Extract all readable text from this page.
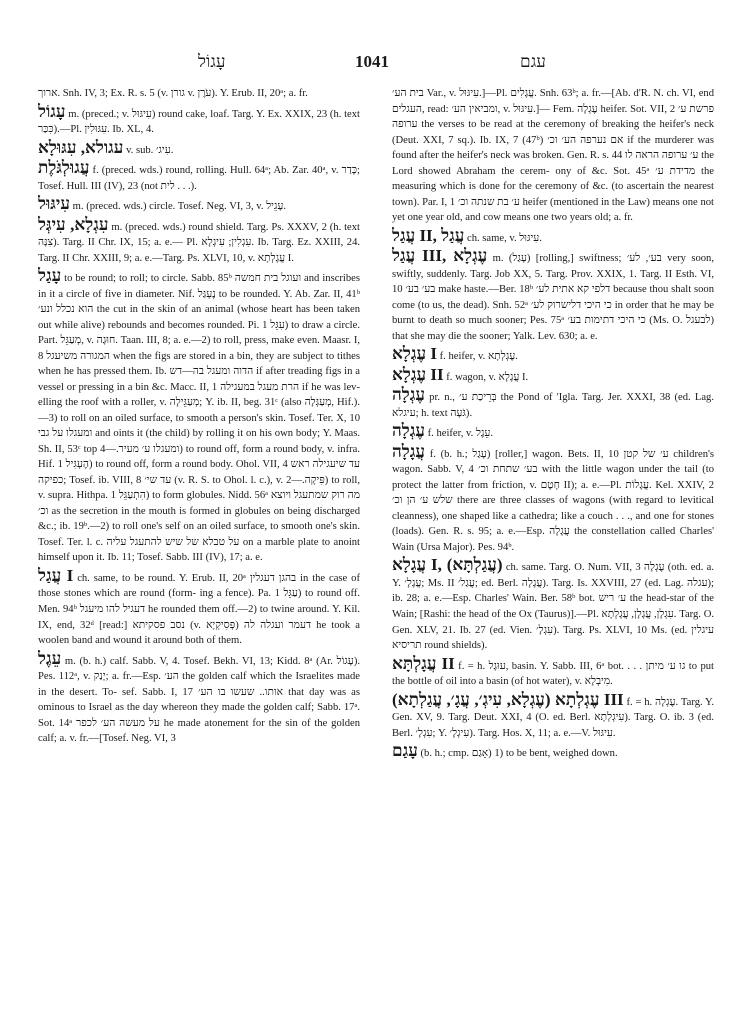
עָגוֹל	1041	עגם
ארוך. Snh. IV, 3; Ex. R. s. 5 (v. גורן v. עֹרֶן). Y. Erub. II, 20ᵃ; a. fr.
עָגוֹל m. (preced.; v. עִיגּוּל) round cake, loaf. Targ. Y. Ex. XXIX, 23 (h. text כִּכַּר).—Pl. עִגּוּלִין. Ib. XL, 4.
עגולא, עִגּוּלָא v. sub. עִיג׳.
עֲגוּלְגֹּלֶת f. (preced. wds.) round, rolling. Hull. 64ᵃ; Ab. Zar. 40ᵃ, v. כָּדַר; Tosef. Hull. III (IV), 23 (not לית . . .).
עִיגּוּל m. (preced. wds.) circle. Tosef. Neg. VI, 3, v. עָגֵיל.
עִגְלָא, עִיגְּל m. (preced. wds.) round shield. Targ. Ps. XXXV, 2 (h. text צִנָּה). Targ. II Chr. IX, 15; a. e.— Pl. עִגְלִין; עִיגְלָא. Ib. Targ. Ez. XXIII, 24. Targ. II Chr. XXIII, 9; a. e.—Targ. Ps. XLVI, 10, v. עֲגָלְתָא I.
עָגַל to be round; to roll; to circle. Sabb. 85ᵇ ועוגל בית חמשה and inscribes in it a circle of five in diameter. Nif. נֶעְגַּל to be rounded. Y. Ab. Zar. II, 41ᵇ הוא נכלל ונע׳ the cut in the skin of an animal (whose heart has been taken out while alive) rebounds and becomes rounded. Pi. עִגֵּל 1) to draw a circle. Part. מְעַגֵּל, v. חוּגָה. Taan. III, 8; a. e.—2) to roll, press, make even. Maasr. I, 8 המגורה משיעגל when the figs are stored in a bin, they are subject to tithes when he has pressed them. Ib. הדוה ומעגל בה—דש if after treading figs in a vessel or pressing in a bin &c. Macc. II, 1 הרת מעגל במעגילה if he was lev- elling the roof with a roller, v. מְעַגֵּילָה; Y. ib. II, beg. 31ᶜ (also מְעַגְּלָה, Hif.).—3) to roll on an oiled surface, to smooth a person's skin. Tosef. Ter. X, 10 ומעגלו על גבי and oints it (the child) by rolling it on his own body; Y. Maas. Sh. II, 53ᶜ top ומעגלו ע׳ מעיר.—4) to round off, form a round body, v. infra. Hif. הֶעְגִּיל 1) to round off, form a round body. Ohol. VII, 4 עד שיעגילה ראש כפיקה; Tosef. ib. VIII, 8 עד שי׳ (v. R. S. to Ohol. l. c.), v. פִּיקָה.—2) to roll, v. supra. Hithpa. הִתְעַגֵּל 1) to form globules. Nidd. 56ᵃ מה רוק שמתעגל ויוצא וכ׳ as the secretion in the mouth is formed in globules on being discharged &c.; ib. 19ᵇ.—2) to roll one's self on an oiled surface, to smooth one's skin. Tosef. Ter. l. c. על טבלא של שיש להתעגל עליה on a marble plate to anoint himself upon it. Ib. 11; Tosef. Sabb. III (IV), 17; a. e.
עֲגַל I ch. same, to be round. Y. Erub. II, 20ᵃ בהגן דעגלין in the case of those stones which are round (form- ing a fence). Pa. עַגֵּל 1) to round off. Men. 94ᵇ דעגיל להו מיעגל he rounded them off.—2) to twine around. Y. Kil. IX, end, 32ᵈ [read:] נסב פסקיתא (v. פְּסִיקְיָא) דעמר ועגלה לה he took a woolen band and wound it around both of them.
עֵגֶל m. (b. h.) calf. Sabb. V, 4. Tosef. Bekh. VI, 13; Kidd. 8ᵃ (Ar. עָגוֹל). Pes. 112ᵃ, v. יָנַק; a. fr.—Esp. הע׳ the golden calf which the Israelites made in the desert. To- sef. Sabb. I, 17 אותו.. שעשו בו הע׳ that day was as ominous to Israel as the day whereon they made the golden calf; Sabb. 17ᵃ. Sot. 14ᵃ על מעשה הע׳ לכפר he made atonement for the sin of the golden calf; a. v. fr.—[Tosef. Neg. VI, 3
בית הע׳ Var., v. עִיגּוּל.]—Pl. עֲגָלִים. Snh. 63ᵇ; a. fr.—[Ab. d'R. N. ch. VI, end העגלים, read: ומביאין הע׳, v. עִיגּוּל.]— Fem. עֶגְלָה heifer. Sot. VII, 2 פרשת ע׳ ערופה the verses to be read at the ceremony of breaking the heifer's neck (Deut. XXI, 7 sq.). Ib. IX, 7 (47ᵇ) אם נערפה הע׳ וכ׳ if the murderer was found after the heifer's neck was broken. Gen. R. s. 44 ע׳ ערופה הראה לו the Lord showed Abraham the cerem- ony of &c. Sot. 45ᵃ מדידת ע׳ the measuring which is done for the ceremony of &c. (to ascertain the nearest town). Par. I, 1 ע׳ בת שנתה וכ׳ heifer (mentioned in the Law) means one not yet one year old, and cow means one two years old; a. fr.
עֲגַל II, עֲגַל ch. same, v. עִיגּוּל.
עֲגַל III, עֶגְלָא m. (עָגַל) [rolling,] swiftness; בע׳, לע׳ very soon, swiftly, suddenly. Targ. Job XX, 5. Targ. Prov. XXIX, 1. Targ. II Esth. VI, 10 בע׳ בע׳ make haste.—Ber. 18ᵇ דלפי קא אתית לע׳ because thou shalt soon come (to us, the dead). Snh. 52ᵃ כי היכי דלישרוק לע׳ in order that he may be burnt to death so much sooner; Pes. 75ᵃ כי היכי דתימות בע׳ (Ms. O. לבעגל) that she may die the sooner; Yalk. Lev. 630; a. e.
עֶגְלָא I f. heifer, v. עֶגְלְתָא.
עֶגְלָא II f. wagon, v. עֲגָלָא I.
עֶגְלָה pr. n., בְּרֵיכַת ע׳ the Pond of 'Igla. Targ. Jer. XXXI, 38 (ed. Lag. עיגלא; h. text גֹּעָה).
עֶגְלָה f. heifer, v. עֵגֶל.
עֲגָלָה f. (b. h.; עָגַל) [roller,] wagon. Bets. II, 10 ע׳ של קטן children's wagon. Sabb. V, 4 בע׳ שתחת וכ׳ with the little wagon under the tail (to protect the latter from friction, v. חָטֶם II); a. e.—Pl. עֲגָלוֹת. Kel. XXIV, 2 שלש ע׳ הן וכ׳ there are three classes of wagons (with regard to levitical cleanness), one shaped like a cathedra; like a couch . . ., and one for stones (loads). Gen. R. s. 95; a. e.—Esp. עֲגָלָה the constellation called Charles' Wain (Ursa Major). Pes. 94ᵇ.
עֲגָלָא I, (עֲגַלְתָּא) ch. same. Targ. O. Num. VII, 3 עֶגְלָה (oth. ed. a. Y. עֲגָלָ׳; Ms. II עֲגַל׳; ed. Berl. עֲגָלָה). Targ. Is. XXVIII, 27 (ed. Lag. עגלה); ib. 28; a. e.—Esp. Charles' Wain. Ber. 58ᵇ bot. ע׳ ריש the head-star of the Wain; [Rashi: the head of the Ox (Taurus)].—Pl. עִגְלָן, עֲגָלָן, עֲגָלְתָא. Targ. O. Gen. XLV, 21. Ib. 27 (ed. Vien. עִגְלָ׳). Targ. Ps. XLVI, 10 Ms. (ed. עיגלין תריסיא round shields).
עֲגָלְתָּא II f. = h. עוּגָל, basin. Y. Sabb. III, 6ᵃ bot. . . . גו ע׳ מיתן to put the bottle of oil into a basin (of hot water), v. מִיבְלָא.
עֶגְלְתָא (עֶגְלָא, עִיגְ׳, עֲגָ׳, עֲגַלְתָא) III f. = h. עֶגְלָה. Targ. Y. Gen. XV, 9. Targ. Deut. XXI, 4 (O. ed. Berl. עִיגְלְתָא). Targ. O. ib. 3 (ed. Berl. עִגְלָ׳; Y. עִיגְלָ׳). Targ. Hos. X, 11; a. e.—V. עִיגּוּל.
עָגַם (b. h.; cmp. אָגַם) 1) to be bent, weighed down.
